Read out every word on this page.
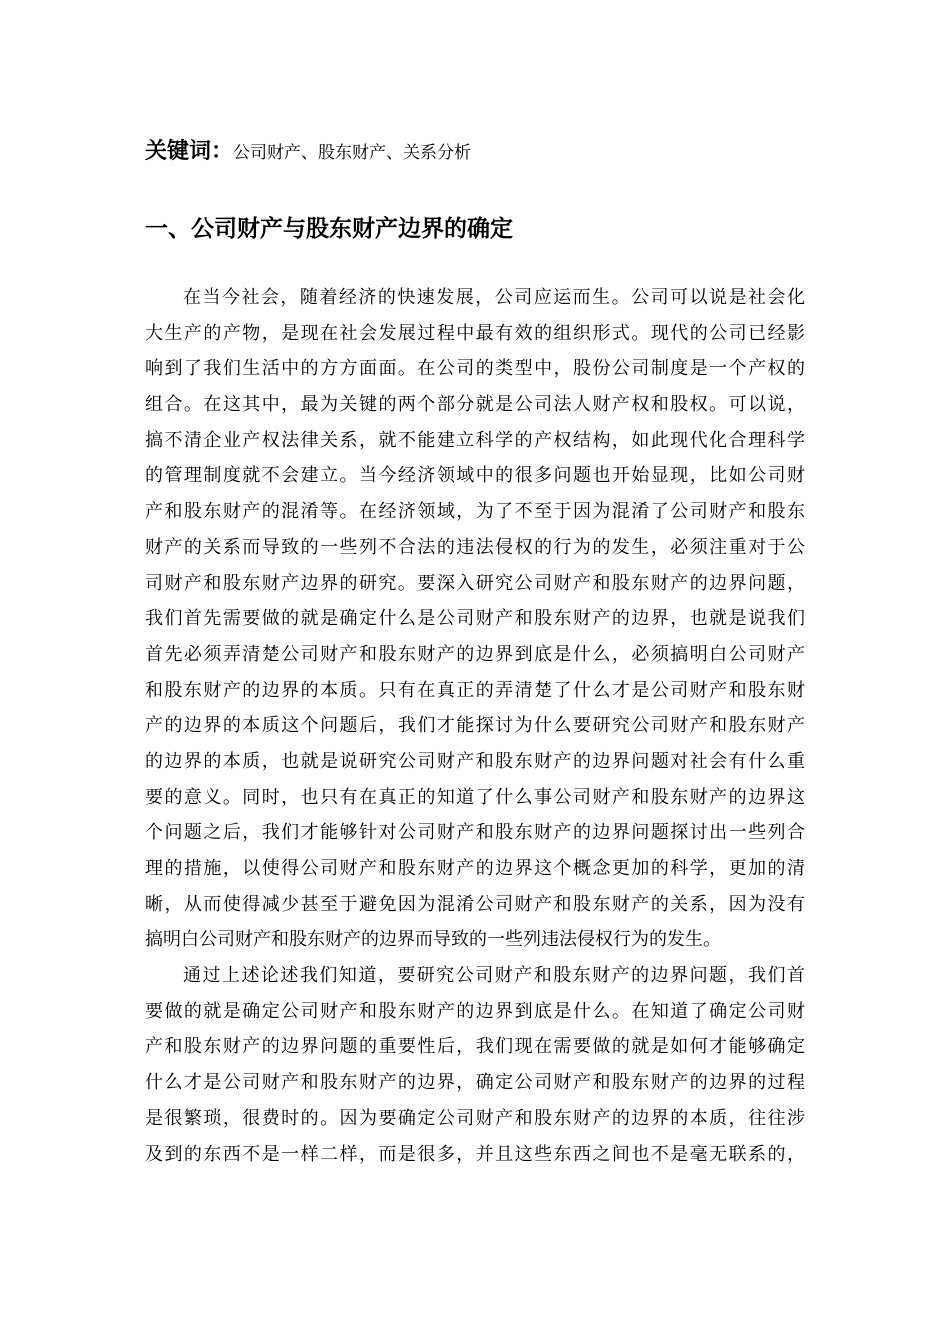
关键词：公司财产、股东财产、关系分析
一、公司财产与股东财产边界的确定

在当今社会，随着经济的快速发展，公司应运而生。公司可以说是社会化
大生产的产物，是现在社会发展过程中最有效的组织形式。现代的公司已经影
响到了我们生活中的方方面面。在公司的类型中，股份公司制度是一个产权的
组合。在这其中，最为关键的两个部分就是公司法人财产权和股权。可以说，
搞不清企业产权法律关系，就不能建立科学的产权结构，如此现代化合理科学
的管理制度就不会建立。当今经济领域中的很多问题也开始显现，比如公司财
产和股东财产的混淆等。在经济领域，为了不至于因为混淆了公司财产和股东
财产的关系而导致的一些列不合法的违法侵权的行为的发生，必须注重对于公
司财产和股东财产边界的研究。要深入研究公司财产和股东财产的边界问题，
我们首先需要做的就是确定什么是公司财产和股东财产的边界，也就是说我们
首先必须弄清楚公司财产和股东财产的边界到底是什么，必须搞明白公司财产
和股东财产的边界的本质。只有在真正的弄清楚了什么才是公司财产和股东财
产的边界的本质这个问题后，我们才能探讨为什么要研究公司财产和股东财产
的边界的本质，也就是说研究公司财产和股东财产的边界问题对社会有什么重
要的意义。同时，也只有在真正的知道了什么事公司财产和股东财产的边界这
个问题之后，我们才能够针对公司财产和股东财产的边界问题探讨出一些列合
理的措施，以使得公司财产和股东财产的边界这个概念更加的科学，更加的清
晰，从而使得减少甚至于避免因为混淆公司财产和股东财产的关系，因为没有
搞明白公司财产和股东财产的边界而导致的一些列违法侵权行为的发生。

通过上述论述我们知道，要研究公司财产和股东财产的边界问题，我们首
要做的就是确定公司财产和股东财产的边界到底是什么。在知道了确定公司财
产和股东财产的边界问题的重要性后，我们现在需要做的就是如何才能够确定
什么才是公司财产和股东财产的边界，确定公司财产和股东财产的边界的过程
是很繁琐，很费时的。因为要确定公司财产和股东财产的边界的本质，往往涉
及到的东西不是一样二样，而是很多，并且这些东西之间也不是毫无联系的，
